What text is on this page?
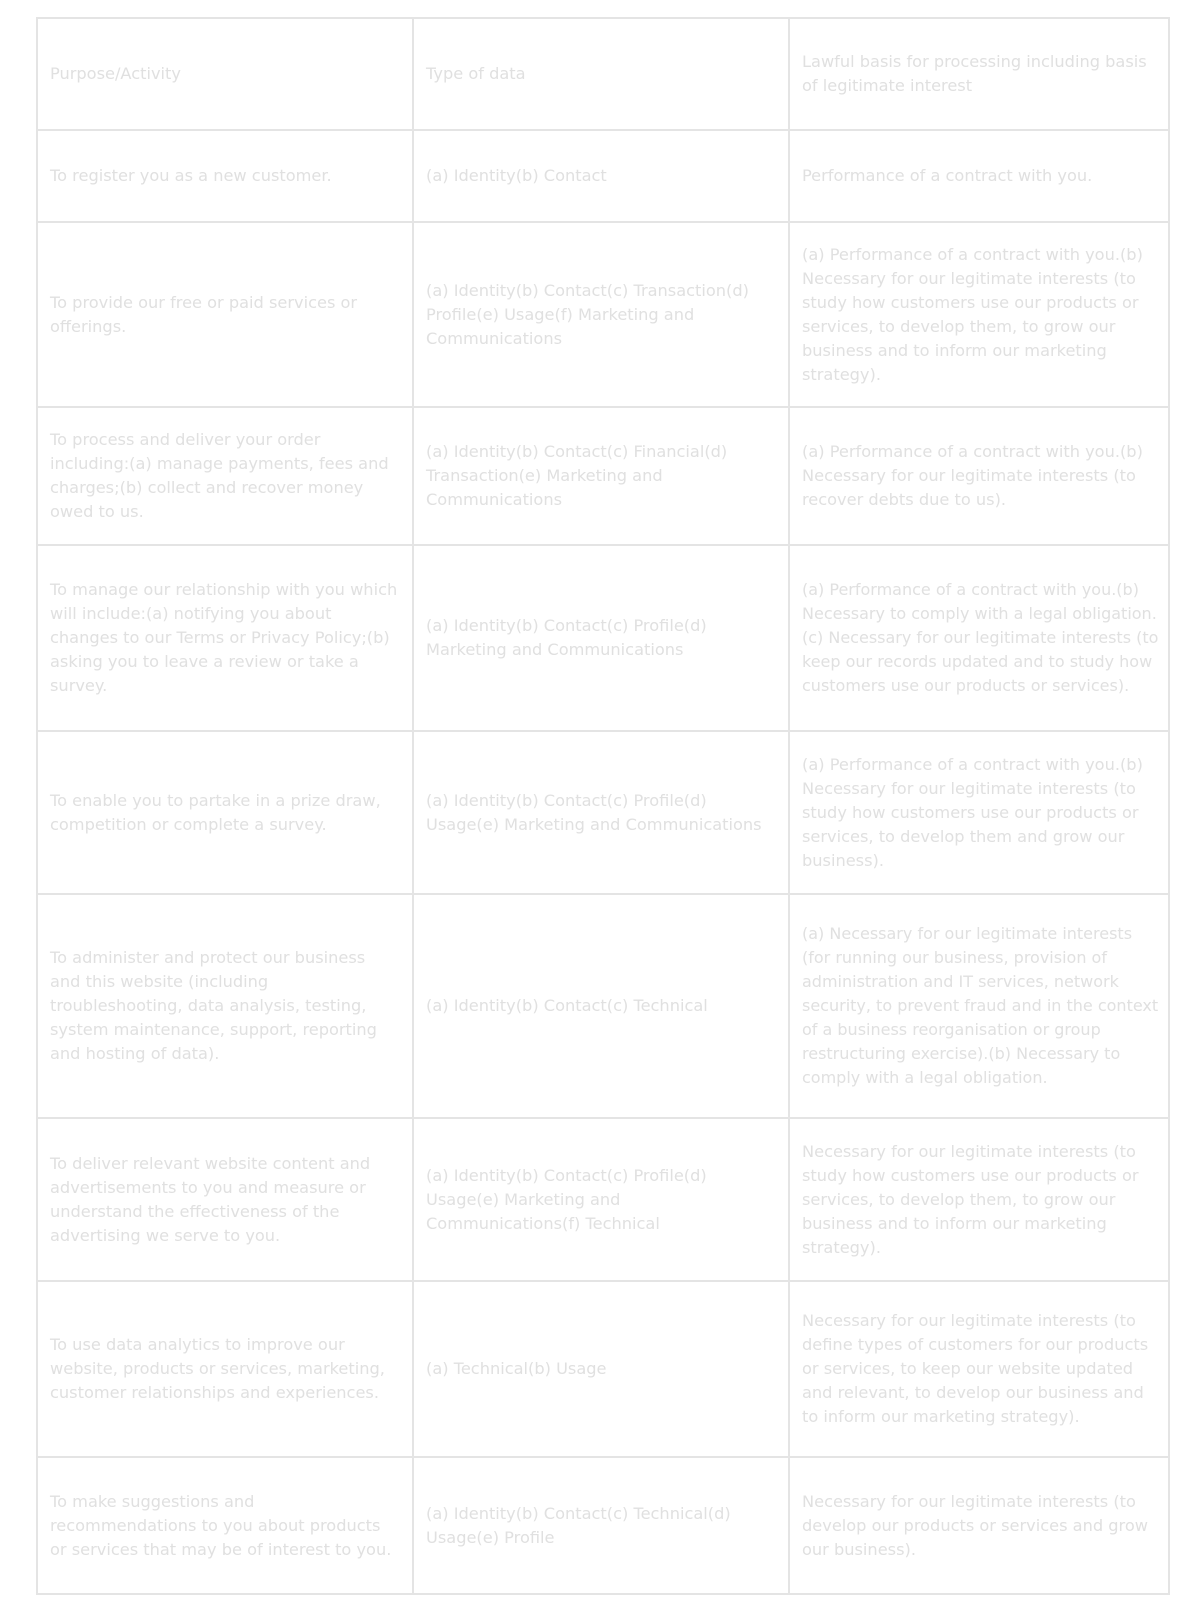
Purpose/Activity	Type of data	Lawful basis for processing including basis of legitimate interest
To register you as a new customer.	(a) Identity(b) Contact	Performance of a contract with you.
To provide our free or paid services or offerings.	(a) Identity(b) Contact(c) Transaction(d) Profile(e) Usage(f) Marketing and Communications	(a) Performance of a contract with you.(b) Necessary for our legitimate interests (to study how customers use our products or services, to develop them, to grow our business and to inform our marketing strategy).
To process and deliver your order including:(a) manage payments, fees and charges;(b) collect and recover money owed to us.	(a) Identity(b) Contact(c) Financial(d) Transaction(e) Marketing and Communications	(a) Performance of a contract with you.(b) Necessary for our legitimate interests (to recover debts due to us).
To manage our relationship with you which will include:(a) notifying you about changes to our Terms or Privacy Policy;(b) asking you to leave a review or take a survey.	(a) Identity(b) Contact(c) Profile(d) Marketing and Communications	(a) Performance of a contract with you.(b) Necessary to comply with a legal obligation.(c) Necessary for our legitimate interests (to keep our records updated and to study how customers use our products or services).
To enable you to partake in a prize draw, competition or complete a survey.	(a) Identity(b) Contact(c) Profile(d) Usage(e) Marketing and Communications	(a) Performance of a contract with you.(b) Necessary for our legitimate interests (to study how customers use our products or services, to develop them and grow our business).
To administer and protect our business and this website (including troubleshooting, data analysis, testing, system maintenance, support, reporting and hosting of data).	(a) Identity(b) Contact(c) Technical	(a) Necessary for our legitimate interests (for running our business, provision of administration and IT services, network security, to prevent fraud and in the context of a business reorganisation or group restructuring exercise).(b) Necessary to comply with a legal obligation.
To deliver relevant website content and advertisements to you and measure or understand the effectiveness of the advertising we serve to you.	(a) Identity(b) Contact(c) Profile(d) Usage(e) Marketing and Communications(f) Technical	Necessary for our legitimate interests (to study how customers use our products or services, to develop them, to grow our business and to inform our marketing strategy).
To use data analytics to improve our website, products or services, marketing, customer relationships and experiences.	(a) Technical(b) Usage	Necessary for our legitimate interests (to define types of customers for our products or services, to keep our website updated and relevant, to develop our business and to inform our marketing strategy).
To make suggestions and recommendations to you about products or services that may be of interest to you.	(a) Identity(b) Contact(c) Technical(d) Usage(e) Profile	Necessary for our legitimate interests (to develop our products or services and grow our business).
